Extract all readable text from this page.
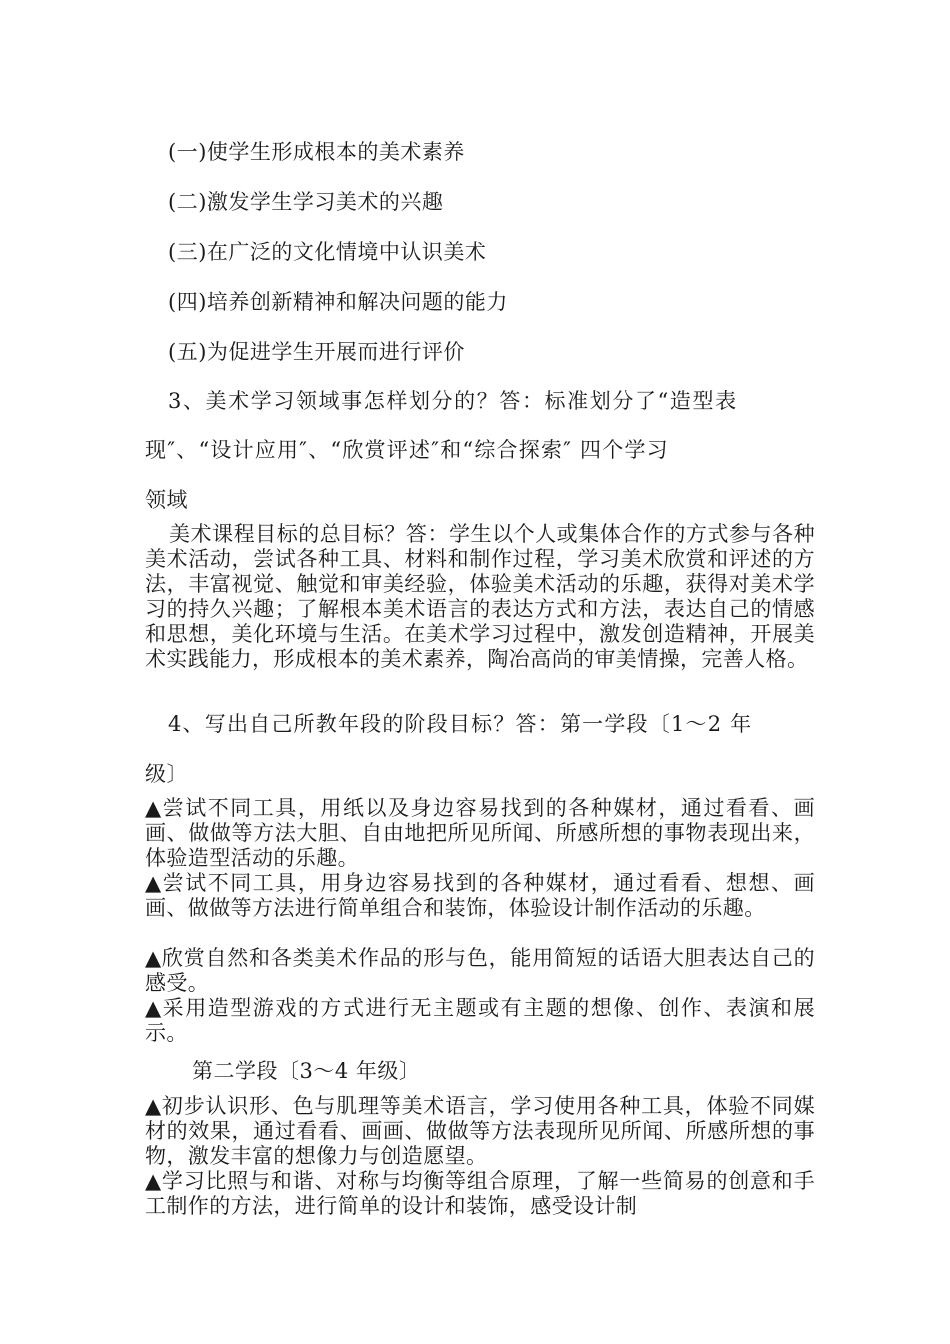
(一)使学生形成根本的美术素养
(二)激发学生学习美术的兴趣
(三)在广泛的文化情境中认识美术
(四)培养创新精神和解决问题的能力
(五)为促进学生开展而进行评价
3、美术学习领域事怎样划分的？答：标准划分了“造型表
现″、“设计应用″、“欣赏评述″和“综合探索″ 四个学习
领域
美术课程目标的总目标？答：学生以个人或集体合作的方式参与各种美术活动，尝试各种工具、材料和制作过程，学习美术欣赏和评述的方法，丰富视觉、触觉和审美经验，体验美术活动的乐趣，获得对美术学习的持久兴趣；了解根本美术语言的表达方式和方法，表达自己的情感和思想，美化环境与生活。在美术学习过程中，激发创造精神，开展美术实践能力，形成根本的美术素养，陶冶高尚的审美情操，完善人格。
4、写出自己所教年段的阶段目标？答：第一学段〔1～2 年
级〕
▲尝试不同工具，用纸以及身边容易找到的各种媒材，通过看看、画画、做做等方法大胆、自由地把所见所闻、所感所想的事物表现出来，体验造型活动的乐趣。
▲尝试不同工具，用身边容易找到的各种媒材，通过看看、想想、画画、做做等方法进行简单组合和装饰，体验设计制作活动的乐趣。
▲欣赏自然和各类美术作品的形与色，能用简短的话语大胆表达自己的感受。
▲采用造型游戏的方式进行无主题或有主题的想像、创作、表演和展示。
第二学段〔3～4 年级〕
▲初步认识形、色与肌理等美术语言，学习使用各种工具，体验不同媒材的效果，通过看看、画画、做做等方法表现所见所闻、所感所想的事物，激发丰富的想像力与创造愿望。
▲学习比照与和谐、对称与均衡等组合原理，了解一些简易的创意和手工制作的方法，进行简单的设计和装饰，感受设计制
